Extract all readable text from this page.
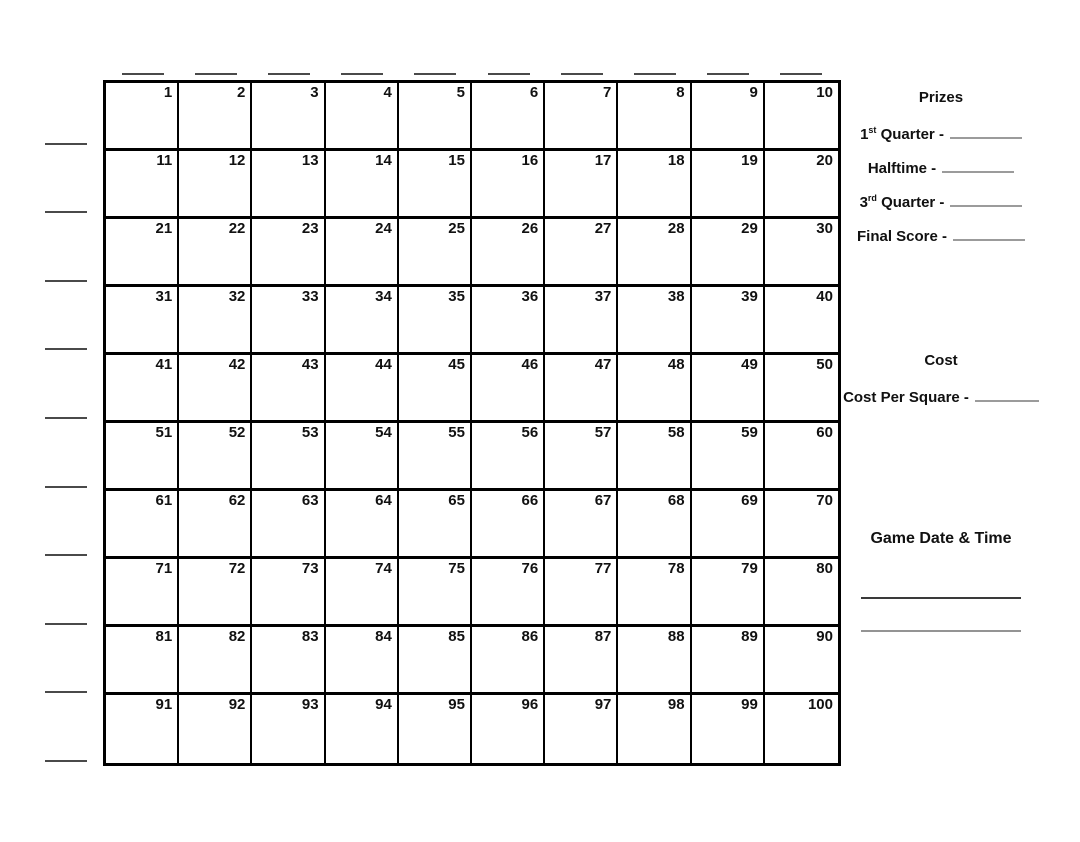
1	2	3	4	5	6	7	8	9	10
11	12	13	14	15	16	17	18	19	20
21	22	23	24	25	26	27	28	29	30
31	32	33	34	35	36	37	38	39	40
41	42	43	44	45	46	47	48	49	50
51	52	53	54	55	56	57	58	59	60
61	62	63	64	65	66	67	68	69	70
71	72	73	74	75	76	77	78	79	80
81	82	83	84	85	86	87	88	89	90
91	92	93	94	95	96	97	98	99	100
Prizes
1st Quarter -
Halftime -
3rd Quarter -
Final Score -
Cost
Cost Per Square -
Game Date & Time
